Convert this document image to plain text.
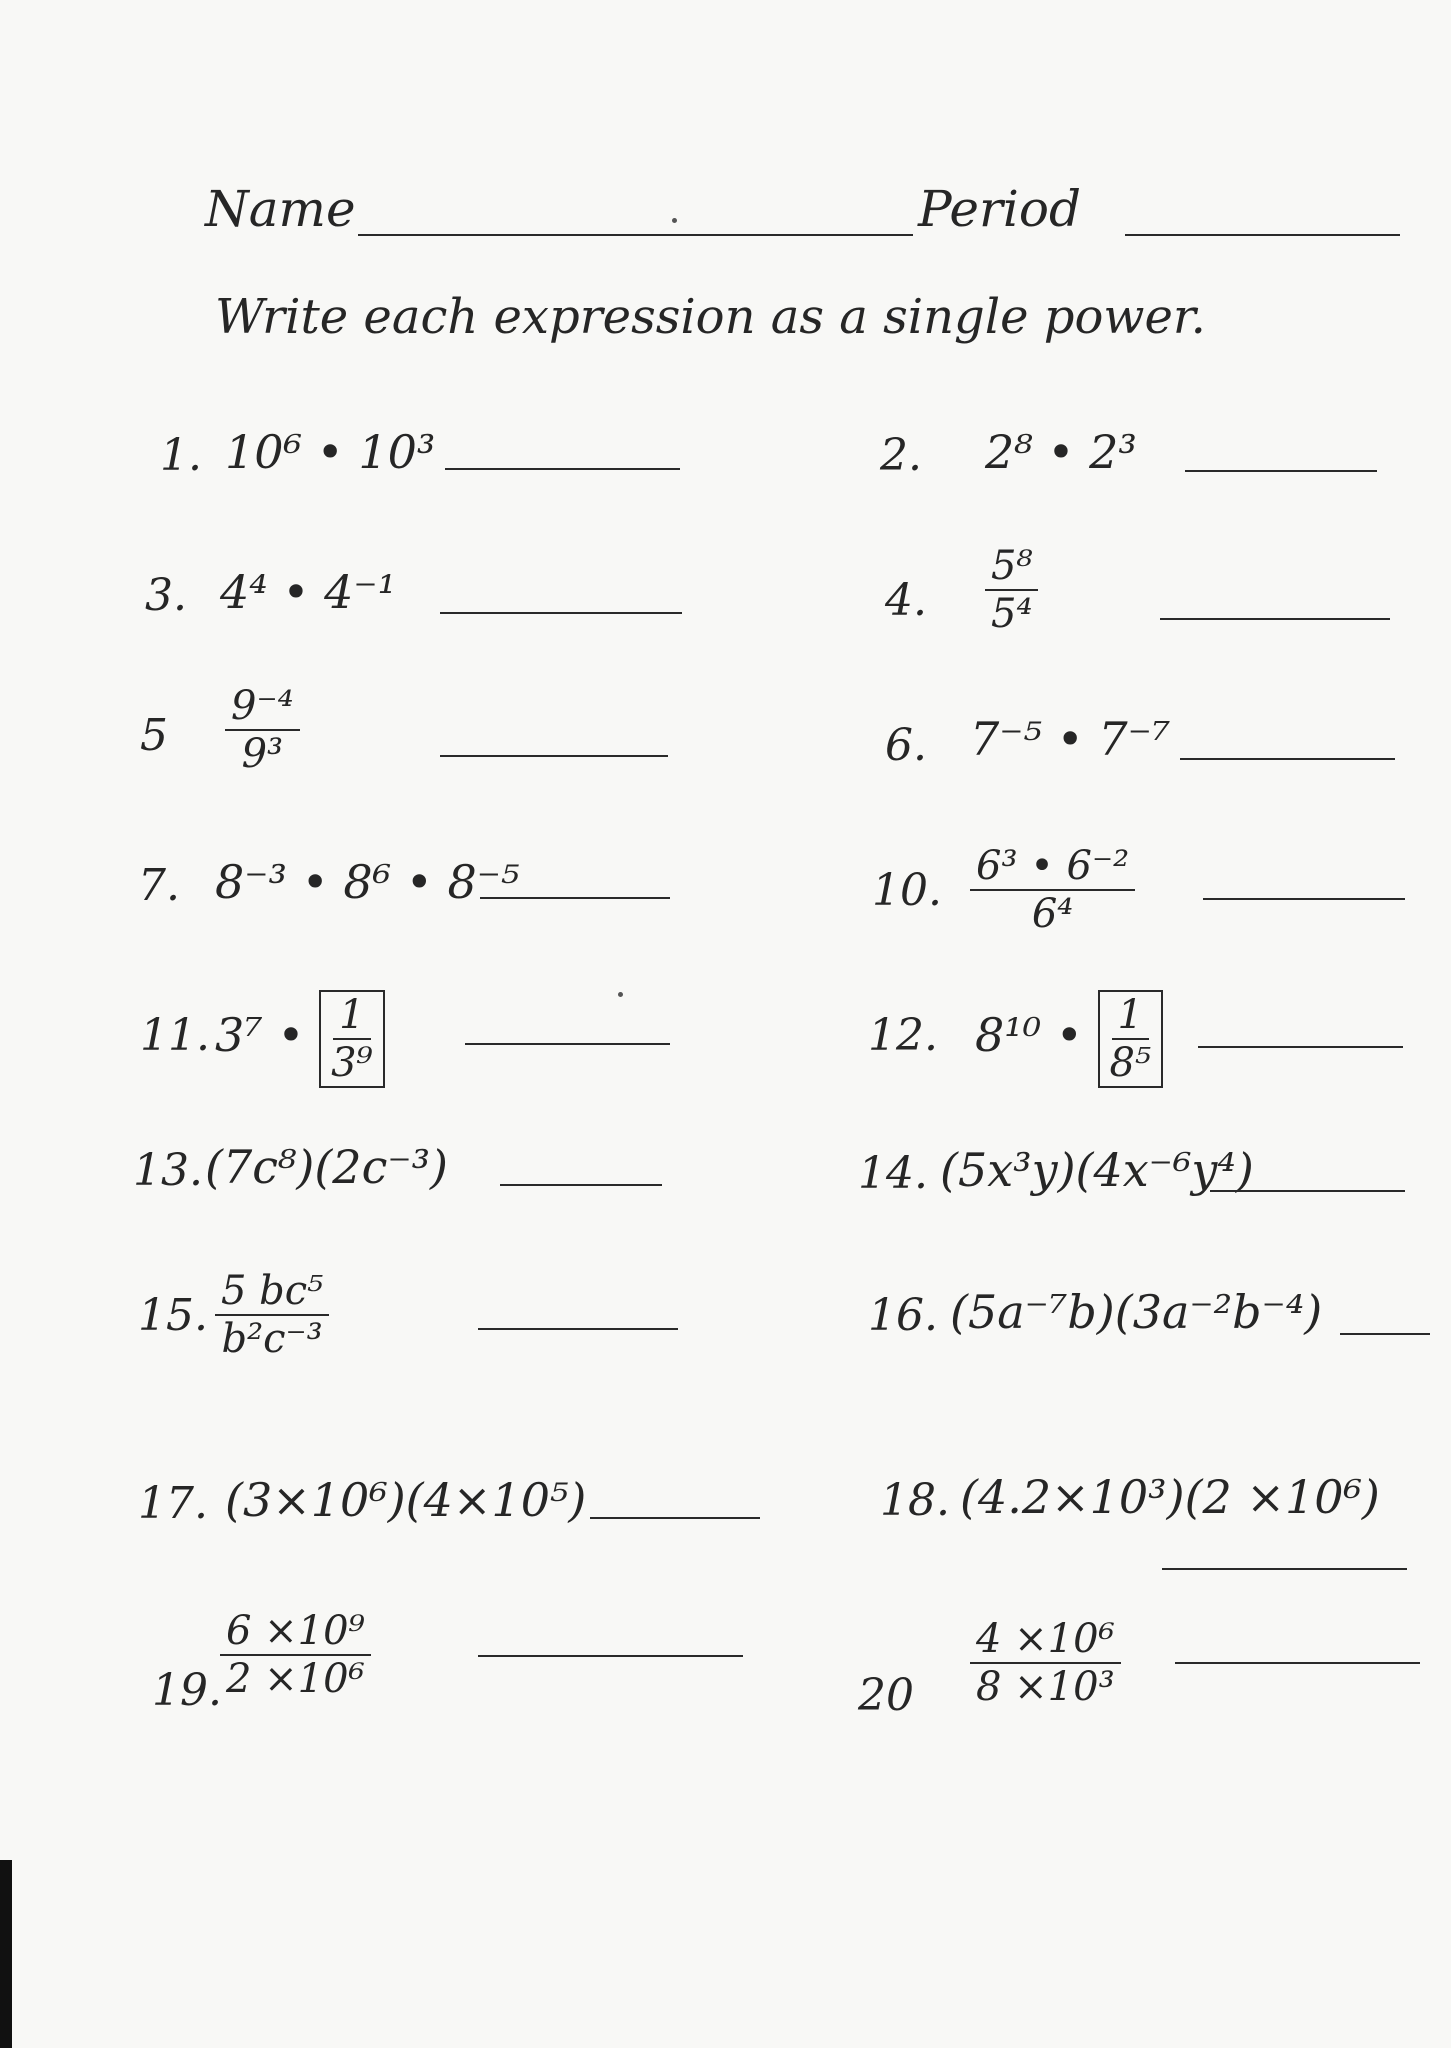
Name	Period
Write each expression as a single power.
1. 10⁶ • 10³
3. 4⁴ • 4⁻¹
$5 \frac{\text{9⁻⁴}}{\text{9³}}$
7. 8⁻³ • 8⁶ • 8⁻⁵
11. 3⁷ • $\frac{1}{\text{3⁹}}$
13. (7c⁸)(2c⁻³)
15. $\frac{\text{5 bc⁵}}{\text{b²c⁻³}}$
17. (3×10⁶)(4×10⁵)
19.
$\frac{\text{6 ×10⁹}}{\text{2 ×10⁶}}$
2. 2⁸ • 2³
4. $\frac{\text{5⁸}}{\text{5⁴}}$
6. 7⁻⁵ • 7⁻⁷
10. $\frac{\text{6³ • 6⁻²}}{\text{6⁴}}$
12. 8¹⁰ • $\frac{1}{\text{8⁵}}$
14. (5x³y)(4x⁻⁶y⁴)
16. (5a⁻⁷b)(3a⁻²b⁻⁴)
18. (4.2×10³)(2 ×10⁶)
$20 \frac{\text{4 ×10⁶}}{\text{8 ×10³}}$
